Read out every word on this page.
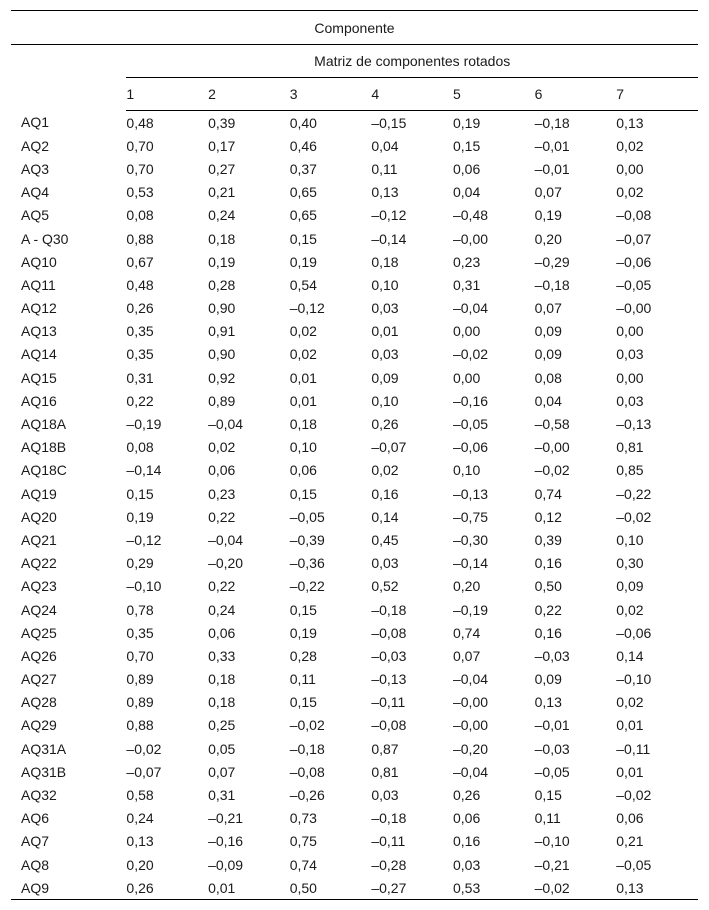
Componente							
	Matriz de componentes rotados						
	1	2	3	4	5	6	7
AQ1	0,48	0,39	0,40	–0,15	0,19	–0,18	0,13
AQ2	0,70	0,17	0,46	0,04	0,15	–0,01	0,02
AQ3	0,70	0,27	0,37	0,11	0,06	–0,01	0,00
AQ4	0,53	0,21	0,65	0,13	0,04	0,07	0,02
AQ5	0,08	0,24	0,65	–0,12	–0,48	0,19	–0,08
A - Q30	0,88	0,18	0,15	–0,14	–0,00	0,20	–0,07
AQ10	0,67	0,19	0,19	0,18	0,23	–0,29	–0,06
AQ11	0,48	0,28	0,54	0,10	0,31	–0,18	–0,05
AQ12	0,26	0,90	–0,12	0,03	–0,04	0,07	–0,00
AQ13	0,35	0,91	0,02	0,01	0,00	0,09	0,00
AQ14	0,35	0,90	0,02	0,03	–0,02	0,09	0,03
AQ15	0,31	0,92	0,01	0,09	0,00	0,08	0,00
AQ16	0,22	0,89	0,01	0,10	–0,16	0,04	0,03
AQ18A	–0,19	–0,04	0,18	0,26	–0,05	–0,58	–0,13
AQ18B	0,08	0,02	0,10	–0,07	–0,06	–0,00	0,81
AQ18C	–0,14	0,06	0,06	0,02	0,10	–0,02	0,85
AQ19	0,15	0,23	0,15	0,16	–0,13	0,74	–0,22
AQ20	0,19	0,22	–0,05	0,14	–0,75	0,12	–0,02
AQ21	–0,12	–0,04	–0,39	0,45	–0,30	0,39	0,10
AQ22	0,29	–0,20	–0,36	0,03	–0,14	0,16	0,30
AQ23	–0,10	0,22	–0,22	0,52	0,20	0,50	0,09
AQ24	0,78	0,24	0,15	–0,18	–0,19	0,22	0,02
AQ25	0,35	0,06	0,19	–0,08	0,74	0,16	–0,06
AQ26	0,70	0,33	0,28	–0,03	0,07	–0,03	0,14
AQ27	0,89	0,18	0,11	–0,13	–0,04	0,09	–0,10
AQ28	0,89	0,18	0,15	–0,11	–0,00	0,13	0,02
AQ29	0,88	0,25	–0,02	–0,08	–0,00	–0,01	0,01
AQ31A	–0,02	0,05	–0,18	0,87	–0,20	–0,03	–0,11
AQ31B	–0,07	0,07	–0,08	0,81	–0,04	–0,05	0,01
AQ32	0,58	0,31	–0,26	0,03	0,26	0,15	–0,02
AQ6	0,24	–0,21	0,73	–0,18	0,06	0,11	0,06
AQ7	0,13	–0,16	0,75	–0,11	0,16	–0,10	0,21
AQ8	0,20	–0,09	0,74	–0,28	0,03	–0,21	–0,05
AQ9	0,26	0,01	0,50	–0,27	0,53	–0,02	0,13
